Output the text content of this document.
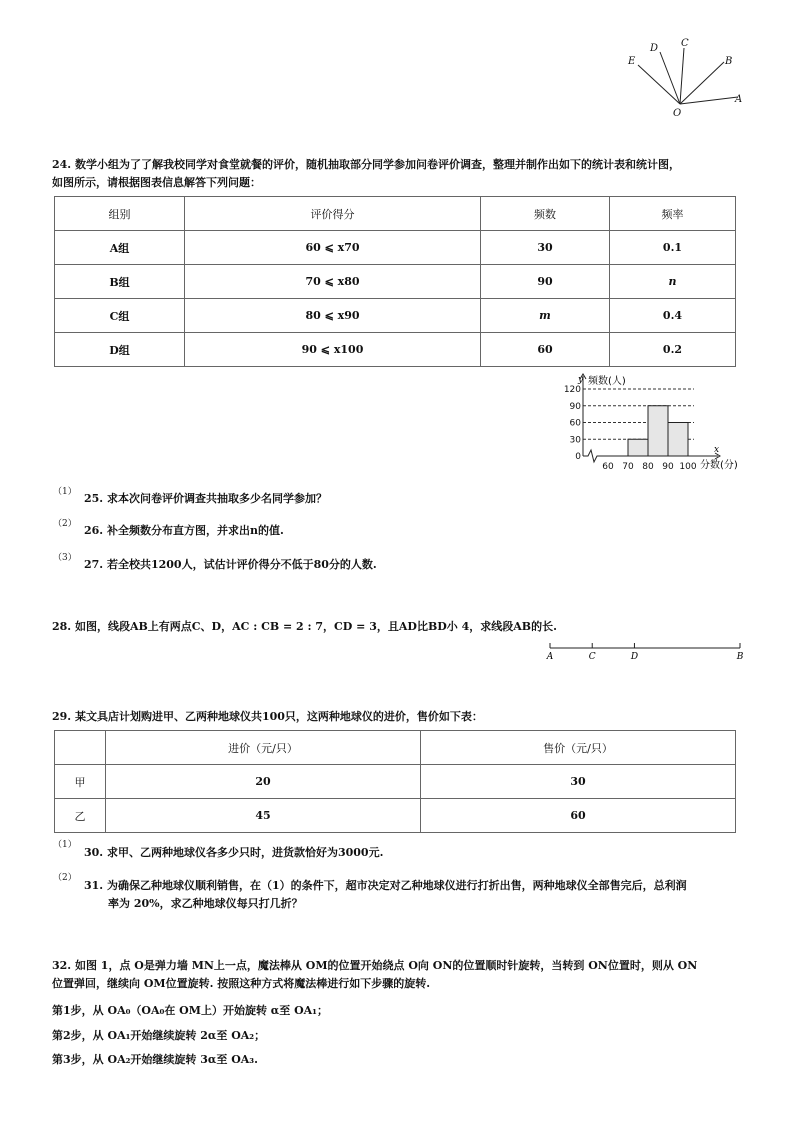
D C
E	B
A
O
24. 数学小组为了了解我校同学对食堂就餐的评价，随机抽取部分同学参加问卷评价调查，整理并制作出如下的统计表和统计图，
如图所示，请根据图表信息解答下列问题：
组别	评价得分	频数	频率
A组	60 ⩽ x70	30	0.1
B组	70 ⩽ x80	90	n
C组	80 ⩽ x90	m	0.4
D组	90 ⩽ x100	60	0.2
0
30
60
90
120
60 70 80 90 100
y 频数(人)
x
分数(分)
（1） 25. 求本次问卷评价调查共抽取多少名同学参加？
（2） 26. 补全频数分布直方图，并求出n的值.
（3） 27. 若全校共1200人，试估计评价得分不低于80分的人数.
28. 如图，线段AB上有两点C、D，AC : CB = 2 : 7，CD = 3，且AD比BD小 4，求线段AB的长.
A	C	D	B
29. 某文具店计划购进甲、乙两种地球仪共100只，这两种地球仪的进价，售价如下表：
	进价（元/只）	售价（元/只）
甲	20	30
乙	45	60
（1）
30. 求甲、乙两种地球仪各多少只时，进货款恰好为3000元.
（2）
31. 为确保乙种地球仪顺利销售，在（1）的条件下，超市决定对乙种地球仪进行打折出售，两种地球仪全部售完后，总利润
率为 20%，求乙种地球仪每只打几折？
32. 如图 1，点 O是弹力墙 MN上一点，魔法棒从 OM的位置开始绕点 O向 ON的位置顺时针旋转，当转到 ON位置时，则从 ON
位置弹回，继续向 OM位置旋转. 按照这种方式将魔法棒进行如下步骤的旋转.
第1步，从 OA₀（OA₀在 OM上）开始旋转 α至 OA₁；
第2步，从 OA₁开始继续旋转 2α至 OA₂；
第3步，从 OA₂开始继续旋转 3α至 OA₃.
